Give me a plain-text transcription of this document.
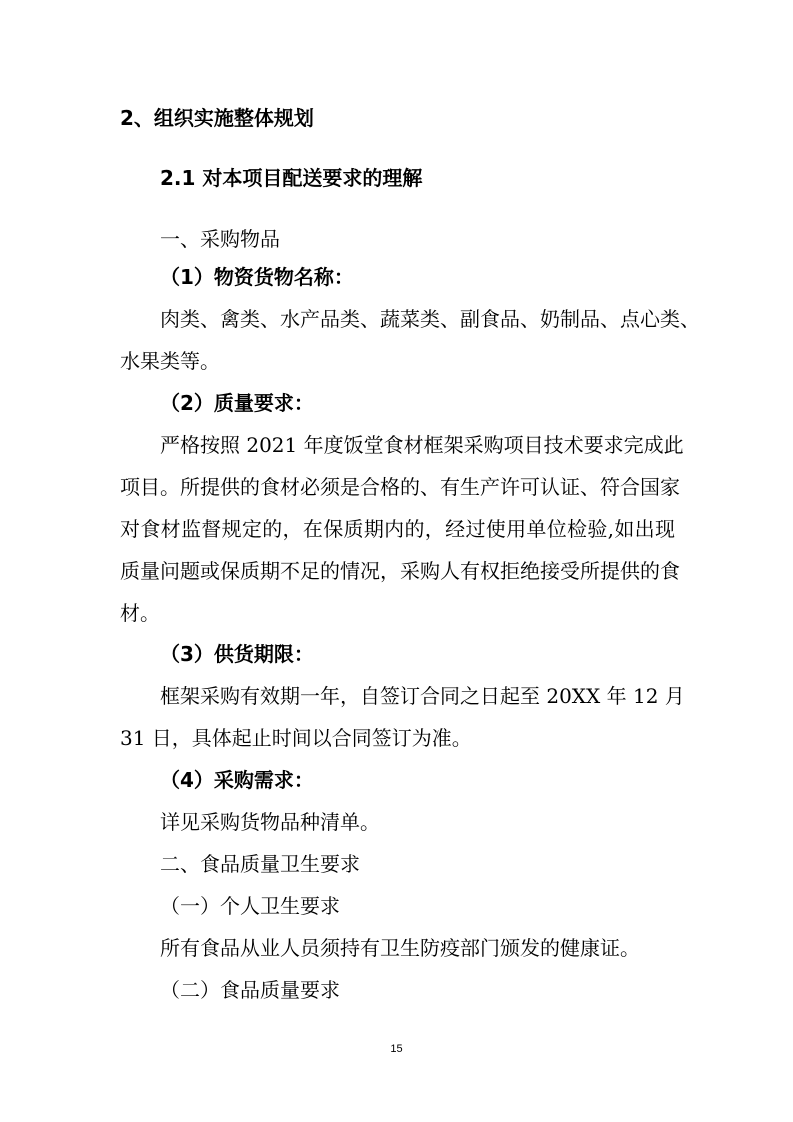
2、组织实施整体规划
2.1 对本项目配送要求的理解
一、采购物品
（1）物资货物名称：
肉类、禽类、水产品类、蔬菜类、副食品、奶制品、点心类、
水果类等。
（2）质量要求：
严格按照 2021 年度饭堂食材框架采购项目技术要求完成此
项目。所提供的食材必须是合格的、有生产许可认证、符合国家
对食材监督规定的，在保质期内的，经过使用单位检验,如出现
质量问题或保质期不足的情况，采购人有权拒绝接受所提供的食
材。
（3）供货期限：
框架采购有效期一年，自签订合同之日起至 20XX 年 12 月
31 日，具体起止时间以合同签订为准。
（4）采购需求：
详见采购货物品种清单。
二、食品质量卫生要求
（一）个人卫生要求
所有食品从业人员须持有卫生防疫部门颁发的健康证。
（二）食品质量要求
15
